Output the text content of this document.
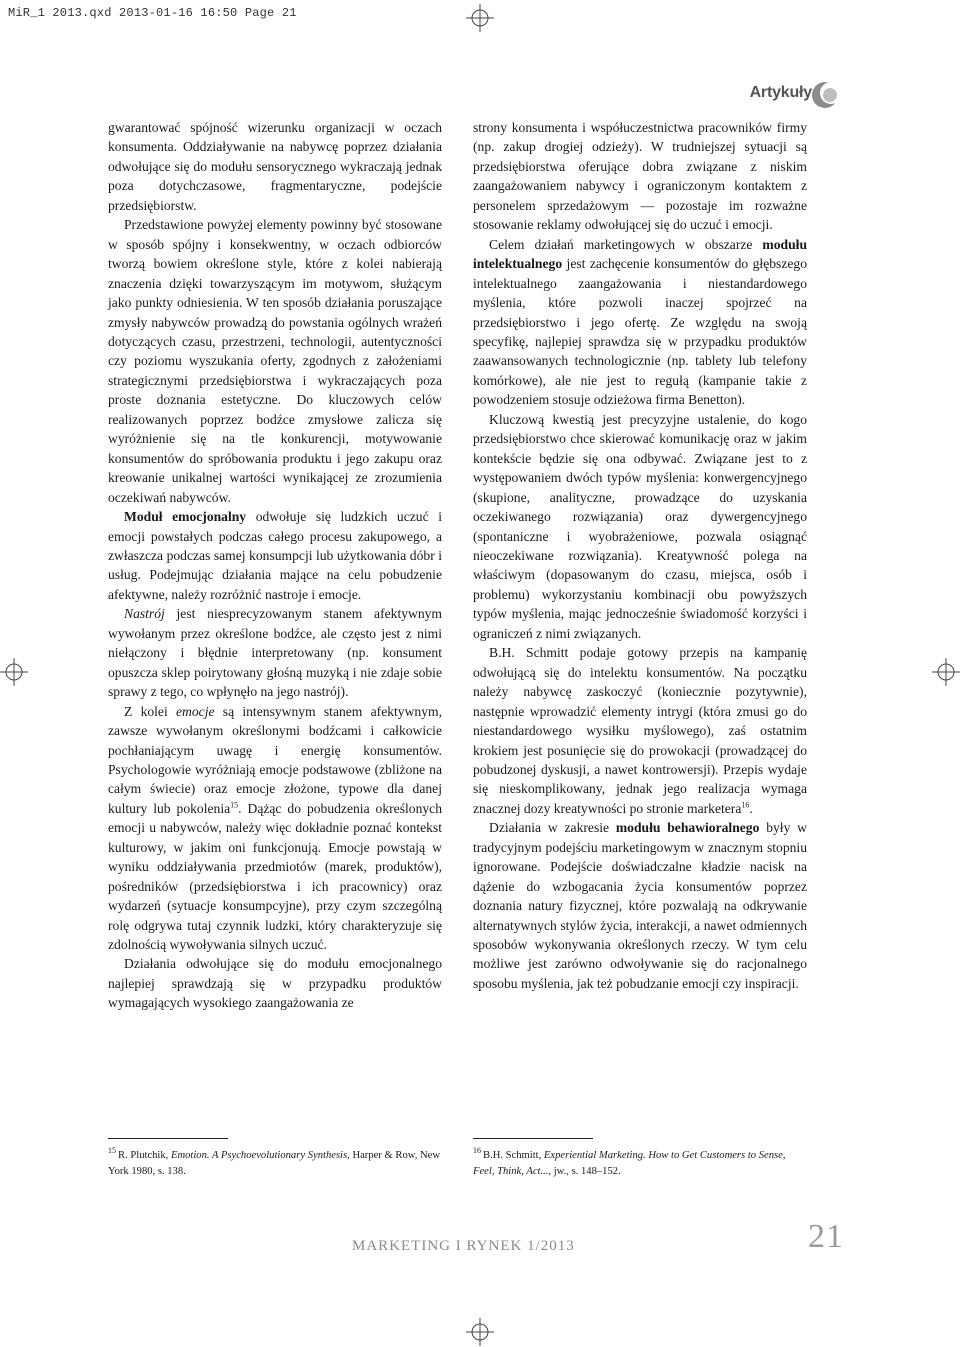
MiR_1 2013.qxd 2013-01-16 16:50 Page 21
Artykuły

gwarantować spójność wizerunku organizacji w oczach konsumenta. Oddziaływanie na nabywcę poprzez działania odwołujące się do modułu sensorycznego wykraczają jednak poza dotychczasowe, fragmentaryczne, podejście przedsiębiorstw.

Przedstawione powyżej elementy powinny być stosowane w sposób spójny i konsekwentny, w oczach odbiorców tworzą bowiem określone style, które z kolei nabierają znaczenia dzięki towarzyszącym im motywom, służącym jako punkty odniesienia. W ten sposób działania poruszające zmysły nabywców prowadzą do powstania ogólnych wrażeń dotyczących czasu, przestrzeni, technologii, autentyczności czy poziomu wyszukania oferty, zgodnych z założeniami strategicznymi przedsiębiorstwa i wykraczających poza proste doznania estetyczne. Do kluczowych celów realizowanych poprzez bodźce zmysłowe zalicza się wyróżnienie się na tle konkurencji, motywowanie konsumentów do spróbowania produktu i jego zakupu oraz kreowanie unikalnej wartości wynikającej ze zrozumienia oczekiwań nabywców.

Moduł emocjonalny odwołuje się ludzkich uczuć i emocji powstałych podczas całego procesu zakupowego, a zwłaszcza podczas samej konsumpcji lub użytkowania dóbr i usług. Podejmując działania mające na celu pobudzenie afektywne, należy rozróżnić nastroje i emocje.

Nastrój jest niesprecyzowanym stanem afektywnym wywołanym przez określone bodźce, ale często jest z nimi niełączony i błędnie interpretowany (np. konsument opuszcza sklep poirytowany głośną muzyką i nie zdaje sobie sprawy z tego, co wpłynęło na jego nastrój).

Z kolei emocje są intensywnym stanem afektywnym, zawsze wywołanym określonymi bodźcami i całkowicie pochłaniającym uwagę i energię konsumentów. Psychologowie wyróżniają emocje podstawowe (zbliżone na całym świecie) oraz emocje złożone, typowe dla danej kultury lub pokolenia$^{15}$. Dążąc do pobudzenia określonych emocji u nabywców, należy więc dokładnie poznać kontekst kulturowy, w jakim oni funkcjonują. Emocje powstają w wyniku oddziaływania przedmiotów (marek, produktów), pośredników (przedsiębiorstwa i ich pracownicy) oraz wydarzeń (sytuacje konsumpcyjne), przy czym szczególną rolę odgrywa tutaj czynnik ludzki, który charakteryzuje się zdolnością wywoływania silnych uczuć.

Działania odwołujące się do modułu emocjonalnego najlepiej sprawdzają się w przypadku produktów wymagających wysokiego zaangażowania ze

strony konsumenta i współuczestnictwa pracowników firmy (np. zakup drogiej odzieży). W trudniejszej sytuacji są przedsiębiorstwa oferujące dobra związane z niskim zaangażowaniem nabywcy i ograniczonym kontaktem z personelem sprzedażowym — pozostaje im rozważne stosowanie reklamy odwołującej się do uczuć i emocji.

Celem działań marketingowych w obszarze modułu intelektualnego jest zachęcenie konsumentów do głębszego intelektualnego zaangażowania i niestandardowego myślenia, które pozwoli inaczej spojrzeć na przedsiębiorstwo i jego ofertę. Ze względu na swoją specyfikę, najlepiej sprawdza się w przypadku produktów zaawansowanych technologicznie (np. tablety lub telefony komórkowe), ale nie jest to regułą (kampanie takie z powodzeniem stosuje odzieżowa firma Benetton).

Kluczową kwestią jest precyzyjne ustalenie, do kogo przedsiębiorstwo chce skierować komunikację oraz w jakim kontekście będzie się ona odbywać. Związane jest to z występowaniem dwóch typów myślenia: konwergencyjnego (skupione, analityczne, prowadzące do uzyskania oczekiwanego rozwiązania) oraz dywergencyjnego (spontaniczne i wyobrażeniowe, pozwala osiągnąć nieoczekiwane rozwiązania). Kreatywność polega na właściwym (dopasowanym do czasu, miejsca, osób i problemu) wykorzystaniu kombinacji obu powyższych typów myślenia, mając jednocześnie świadomość korzyści i ograniczeń z nimi związanych.

B.H. Schmitt podaje gotowy przepis na kampanię odwołującą się do intelektu konsumentów. Na początku należy nabywcę zaskoczyć (koniecznie pozytywnie), następnie wprowadzić elementy intrygi (która zmusi go do niestandardowego wysiłku myślowego), zaś ostatnim krokiem jest posunięcie się do prowokacji (prowadzącej do pobudzonej dyskusji, a nawet kontrowersji). Przepis wydaje się nieskomplikowany, jednak jego realizacja wymaga znacznej dozy kreatywności po stronie marketera$^{16}$.

Działania w zakresie modułu behawioralnego były w tradycyjnym podejściu marketingowym w znacznym stopniu ignorowane. Podejście doświadczalne kładzie nacisk na dążenie do wzbogacania życia konsumentów poprzez doznania natury fizycznej, które pozwalają na odkrywanie alternatywnych stylów życia, interakcji, a nawet odmiennych sposobów wykonywania określonych rzeczy. W tym celu możliwe jest zarówno odwoływanie się do racjonalnego sposobu myślenia, jak też pobudzanie emocji czy inspiracji.

$^{15}$ R. Plutchik, Emotion. A Psychoevolutionary Synthesis, Harper & Row, New York 1980, s. 138.
$^{16}$ B.H. Schmitt, Experiential Marketing. How to Get Customers to Sense, Feel, Think, Act..., jw., s. 148–152.
MARKETING I RYNEK 1/2013	21
